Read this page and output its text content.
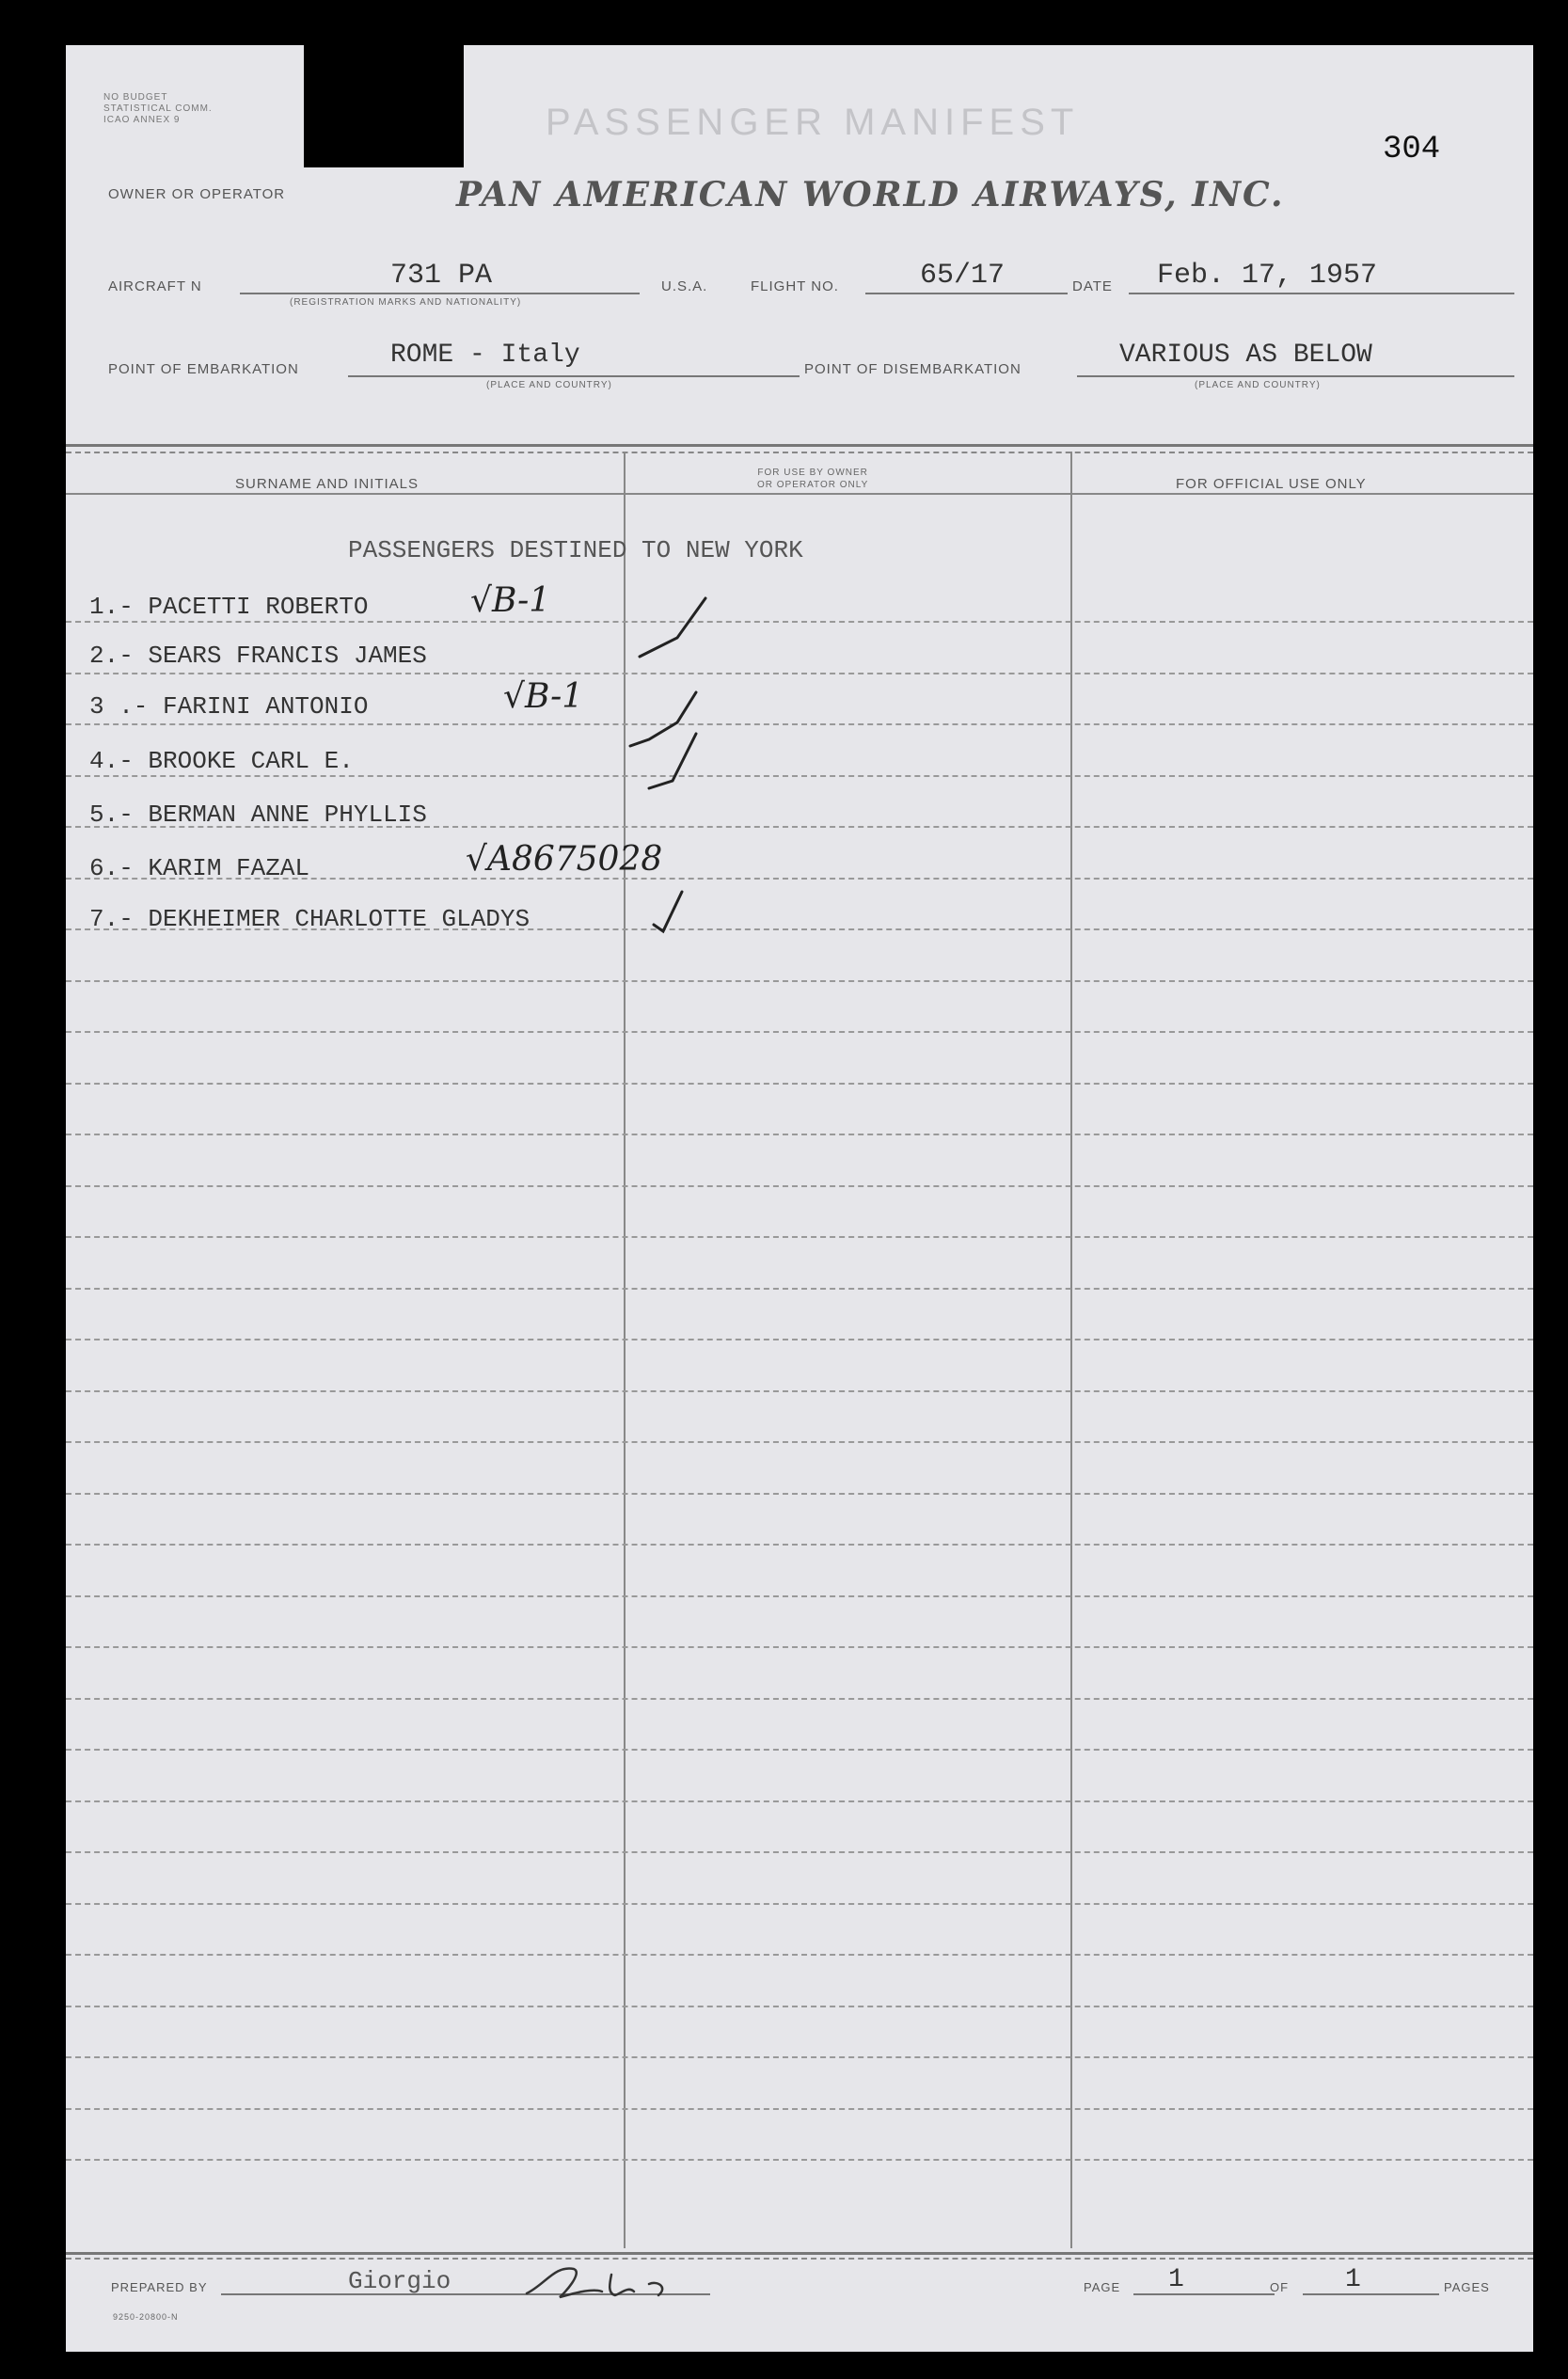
NO BUDGET
STATISTICAL COMM.
ICAO ANNEX 9	PASSENGER MANIFEST
304
OWNER OR OPERATOR	PAN AMERICAN WORLD AIRWAYS, INC.
AIRCRAFT N	731 PA
(REGISTRATION MARKS AND NATIONALITY)
U.S.A.	FLIGHT NO.	65/17	DATE Feb. 17, 1957
POINT OF EMBARKATION	ROME - Italy
(PLACE AND COUNTRY)
POINT OF DISEMBARKATION	VARIOUS AS BELOW
(PLACE AND COUNTRY)
SURNAME AND INITIALS
FOR USE BY OWNER
OR OPERATOR ONLY	FOR OFFICIAL USE ONLY
PASSENGERS DESTINED TO NEW YORK
1.- PACETTI ROBERTO	√B-1
2.- SEARS FRANCIS JAMES
3 .- FARINI ANTONIO	√B-1
4.- BROOKE CARL E.
5.- BERMAN ANNE PHYLLIS
6.- KARIM FAZAL	√A8675028
7.- DEKHEIMER CHARLOTTE GLADYS
PREPARED BY	Giorgio	PAGE 1	OF 1	PAGES
9250-20800-N
